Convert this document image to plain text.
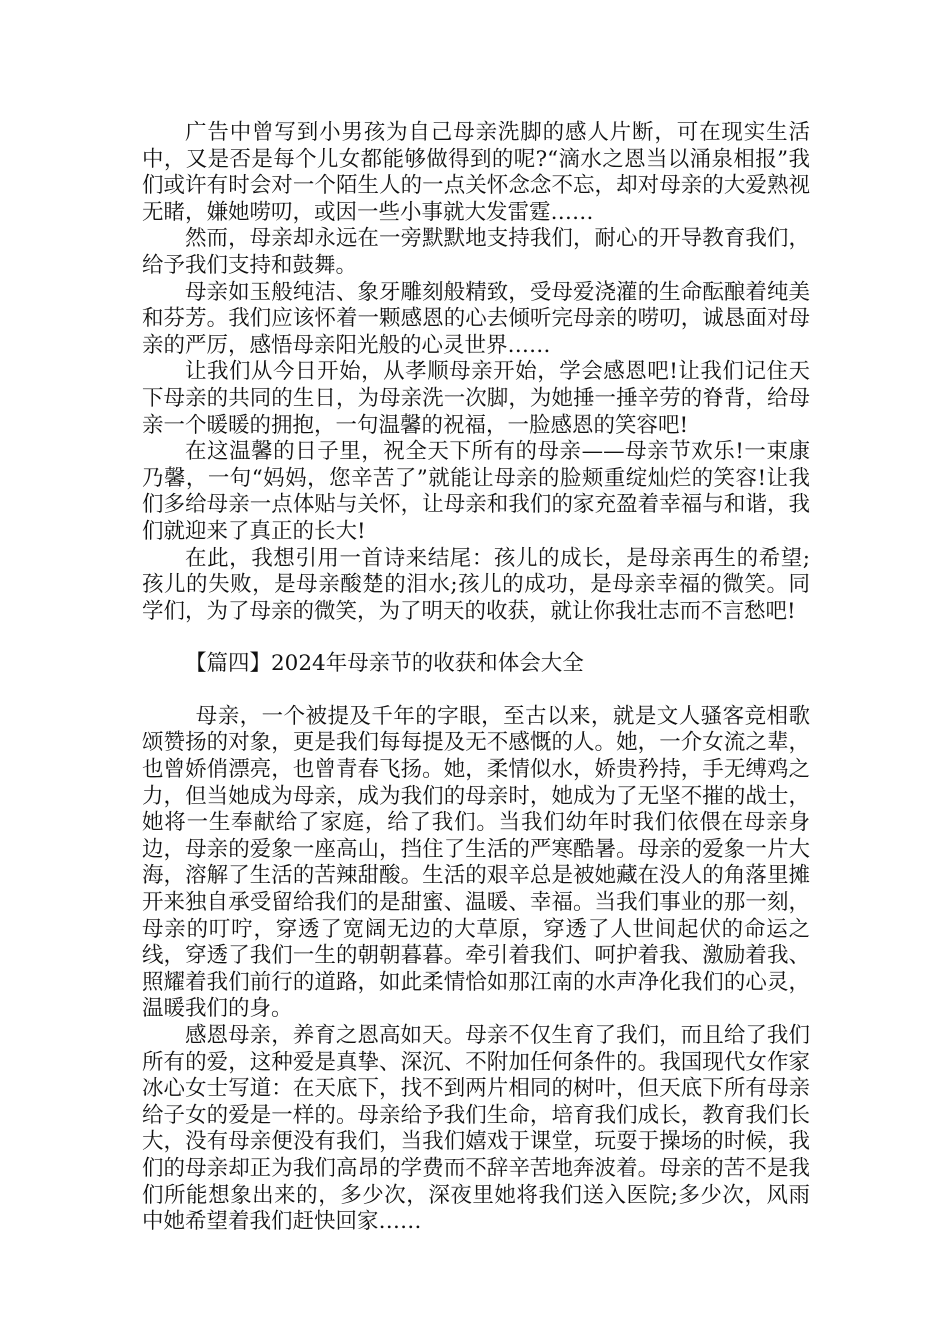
广告中曾写到小男孩为自己母亲洗脚的感人片断，可在现实生活中，又是否是每个儿女都能够做得到的呢?“滴水之恩当以涌泉相报”我们或许有时会对一个陌生人的一点关怀念念不忘，却对母亲的大爱熟视无睹，嫌她唠叨，或因一些小事就大发雷霆……

然而，母亲却永远在一旁默默地支持我们，耐心的开导教育我们，给予我们支持和鼓舞。

母亲如玉般纯洁、象牙雕刻般精致，受母爱浇灌的生命酝酿着纯美和芬芳。我们应该怀着一颗感恩的心去倾听完母亲的唠叨，诚恳面对母亲的严厉，感悟母亲阳光般的心灵世界……

让我们从今日开始，从孝顺母亲开始，学会感恩吧!让我们记住天下母亲的共同的生日，为母亲洗一次脚，为她捶一捶辛劳的脊背，给母亲一个暖暖的拥抱，一句温馨的祝福，一脸感恩的笑容吧!

在这温馨的日子里，祝全天下所有的母亲——母亲节欢乐!一束康乃馨，一句“妈妈，您辛苦了”就能让母亲的脸颊重绽灿烂的笑容!让我们多给母亲一点体贴与关怀，让母亲和我们的家充盈着幸福与和谐，我们就迎来了真正的长大!

在此，我想引用一首诗来结尾：孩儿的成长，是母亲再生的希望;孩儿的失败，是母亲酸楚的泪水;孩儿的成功，是母亲幸福的微笑。同学们，为了母亲的微笑，为了明天的收获，就让你我壮志而不言愁吧!

【篇四】2024年母亲节的收获和体会大全

母亲，一个被提及千年的字眼，至古以来，就是文人骚客竞相歌颂赞扬的对象，更是我们每每提及无不感慨的人。她，一介女流之辈，也曾娇俏漂亮，也曾青春飞扬。她，柔情似水，娇贵矜持，手无缚鸡之力，但当她成为母亲，成为我们的母亲时，她成为了无坚不摧的战士，她将一生奉献给了家庭，给了我们。当我们幼年时我们依偎在母亲身边，母亲的爱象一座高山，挡住了生活的严寒酷暑。母亲的爱象一片大海，溶解了生活的苦辣甜酸。生活的艰辛总是被她藏在没人的角落里摊开来独自承受留给我们的是甜蜜、温暖、幸福。当我们事业的那一刻，母亲的叮咛，穿透了宽阔无边的大草原，穿透了人世间起伏的命运之线，穿透了我们一生的朝朝暮暮。牵引着我们、呵护着我、激励着我、照耀着我们前行的道路，如此柔情恰如那江南的水声净化我们的心灵，温暖我们的身。

感恩母亲，养育之恩高如天。母亲不仅生育了我们，而且给了我们所有的爱，这种爱是真挚、深沉、不附加任何条件的。我国现代女作家冰心女士写道：在天底下，找不到两片相同的树叶，但天底下所有母亲给子女的爱是一样的。母亲给予我们生命，培育我们成长，教育我们长大，没有母亲便没有我们，当我们嬉戏于课堂，玩耍于操场的时候，我们的母亲却正为我们高昂的学费而不辞辛苦地奔波着。母亲的苦不是我们所能想象出来的，多少次，深夜里她将我们送入医院;多少次，风雨中她希望着我们赶快回家……
